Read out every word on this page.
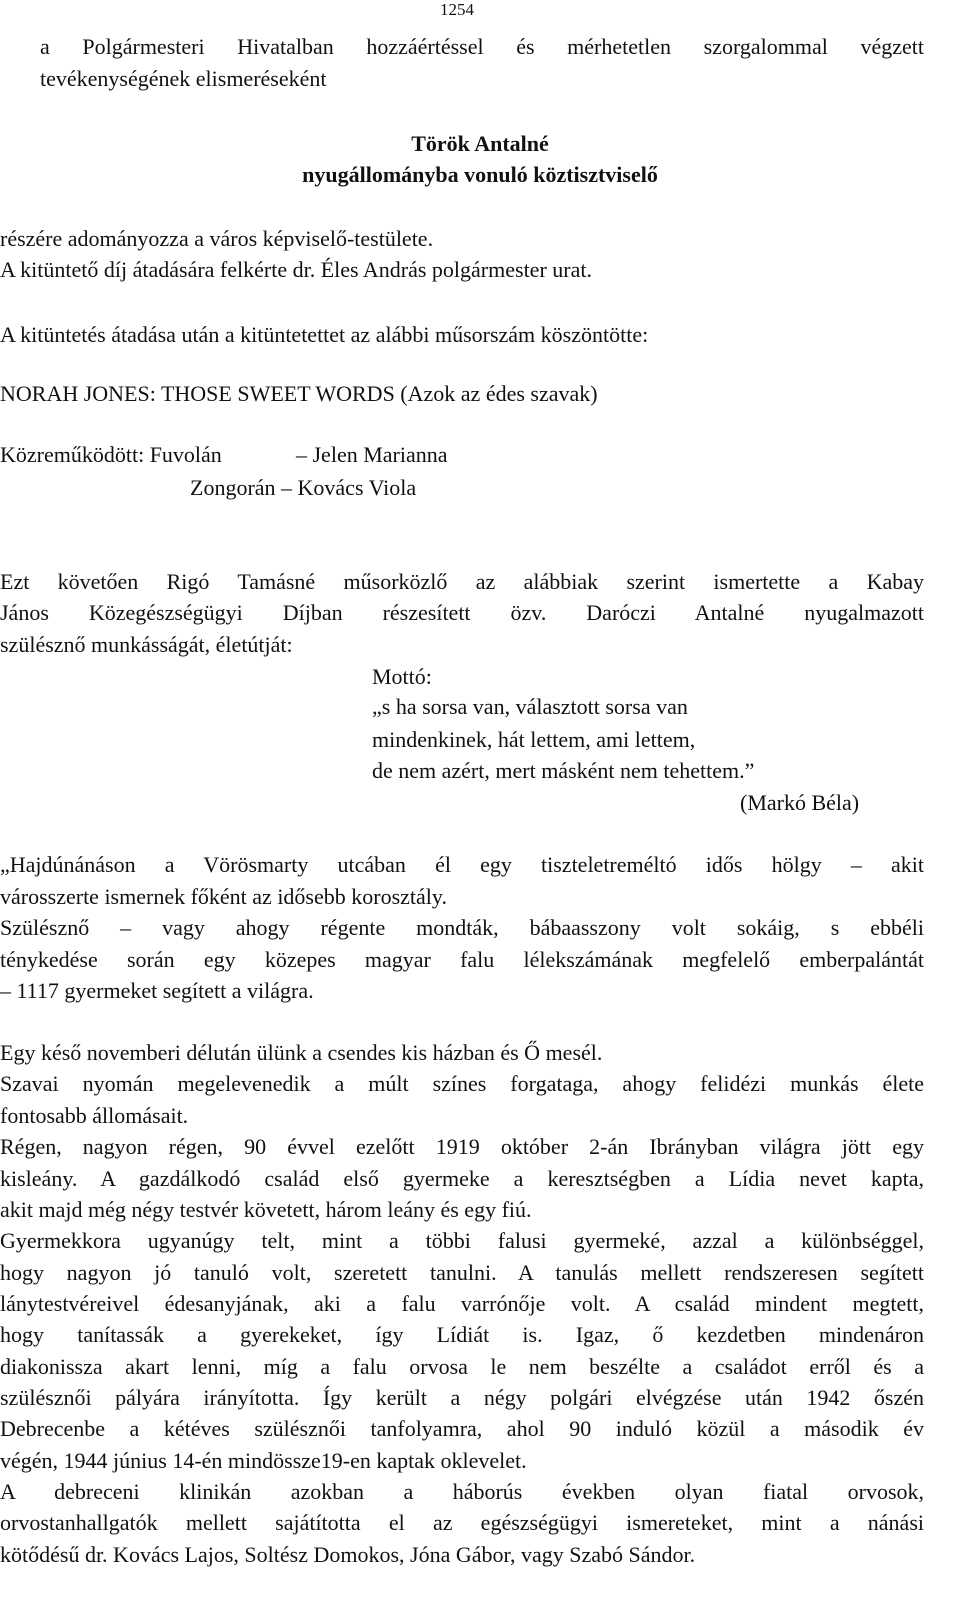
1254

a Polgármesteri Hivatalban hozzáértéssel és mérhetetlen szorgalommal végzett

tevékenységének elismeréseként

Török Antalné

nyugállományba vonuló köztisztviselő

részére adományozza a város képviselő-testülete.

A kitüntető díj átadására felkérte dr. Éles András polgármester urat.

A kitüntetés átadása után a kitüntetettet az alábbi műsorszám köszöntötte:

NORAH JONES: THOSE SWEET WORDS (Azok az édes szavak)

Közreműködött: Fuvolán	– Jelen Marianna

Zongorán – Kovács Viola

Ezt követően Rigó Tamásné műsorközlő az alábbiak szerint ismertette a Kabay

János Közegészségügyi Díjban részesített özv. Daróczi Antalné nyugalmazott

szülésznő munkásságát, életútját:

Mottó:

„s ha sorsa van, választott sorsa van

mindenkinek, hát lettem, ami lettem,

de nem azért, mert másként nem tehettem.”

(Markó Béla)

„Hajdúnánáson a Vörösmarty utcában él egy tiszteletreméltó idős hölgy – akit

városszerte ismernek főként az idősebb korosztály.

Szülésznő – vagy ahogy régente mondták, bábaasszony volt sokáig, s ebbéli

ténykedése során egy közepes magyar falu lélekszámának megfelelő emberpalántát

– 1117 gyermeket segített a világra.

Egy késő novemberi délután ülünk a csendes kis házban és Ő mesél.

Szavai nyomán megelevenedik a múlt színes forgataga, ahogy felidézi munkás élete

fontosabb állomásait.

Régen, nagyon régen, 90 évvel ezelőtt 1919 október 2-án Ibrányban világra jött egy

kisleány. A gazdálkodó család első gyermeke a keresztségben a Lídia nevet kapta,

akit majd még négy testvér követett, három leány és egy fiú.

Gyermekkora ugyanúgy telt, mint a többi falusi gyermeké, azzal a különbséggel,

hogy nagyon jó tanuló volt, szeretett tanulni. A tanulás mellett rendszeresen segített

lánytestvéreivel édesanyjának, aki a falu varrónője volt. A család mindent megtett,

hogy tanítassák a gyerekeket, így Lídiát is. Igaz, ő kezdetben mindenáron

diakonissza akart lenni, míg a falu orvosa le nem beszélte a családot erről és a

szülésznői pályára irányította. Így került a négy polgári elvégzése után 1942 őszén

Debrecenbe a kétéves szülésznői tanfolyamra, ahol 90 induló közül a második év

végén, 1944 június 14-én mindössze19-en kaptak oklevelet.

A debreceni klinikán azokban a háborús években olyan fiatal orvosok,

orvostanhallgatók mellett sajátította el az egészségügyi ismereteket, mint a nánási

kötődésű dr. Kovács Lajos, Soltész Domokos, Jóna Gábor, vagy Szabó Sándor.
